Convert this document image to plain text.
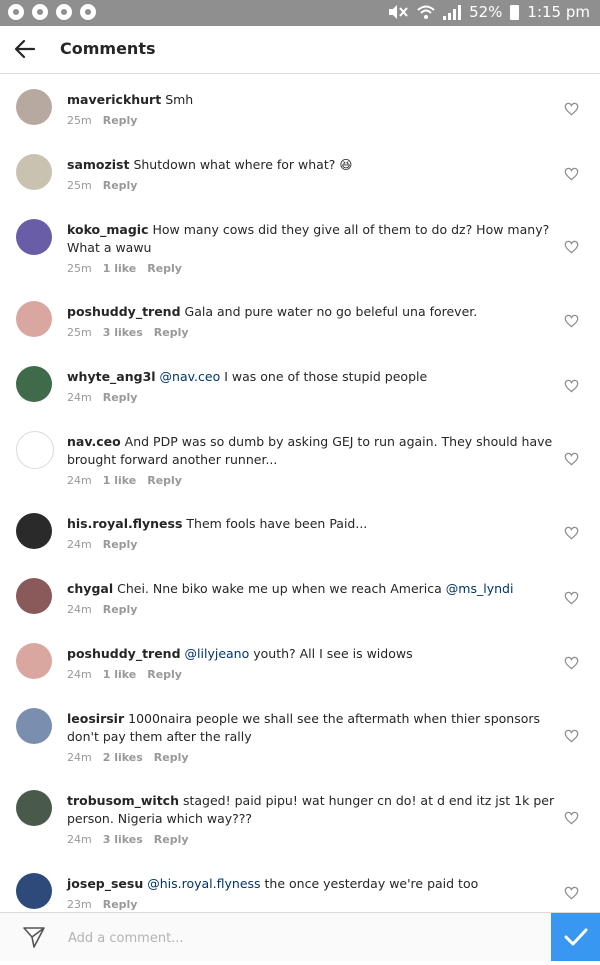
52% 1:15 pm
Comments
maverickhurt Smh
25m Reply
samozist Shutdown what where for what? 😆
25m Reply
koko_magic How many cows did they give all of them to do dz? How many? What a wawu
25m 1 like Reply
poshuddy_trend Gala and pure water no go beleful una forever.
25m 3 likes Reply
whyte_ang3l @nav.ceo I was one of those stupid people
24m Reply
nav.ceo And PDP was so dumb by asking GEJ to run again. They should have brought forward another runner...
24m 1 like Reply
his.royal.flyness Them fools have been Paid...
24m Reply
chygal Chei. Nne biko wake me up when we reach America @ms_lyndi
24m Reply
poshuddy_trend @lilyjeano youth? All I see is widows
24m 1 like Reply
leosirsir 1000naira people we shall see the aftermath when thier sponsors don't pay them after the rally
24m 2 likes Reply
trobusom_witch staged! paid pipu! wat hunger cn do! at d end itz jst 1k per person. Nigeria which way???
24m 3 likes Reply
josep_sesu @his.royal.flyness the once yesterday we're paid too
23m Reply
Add a comment...
